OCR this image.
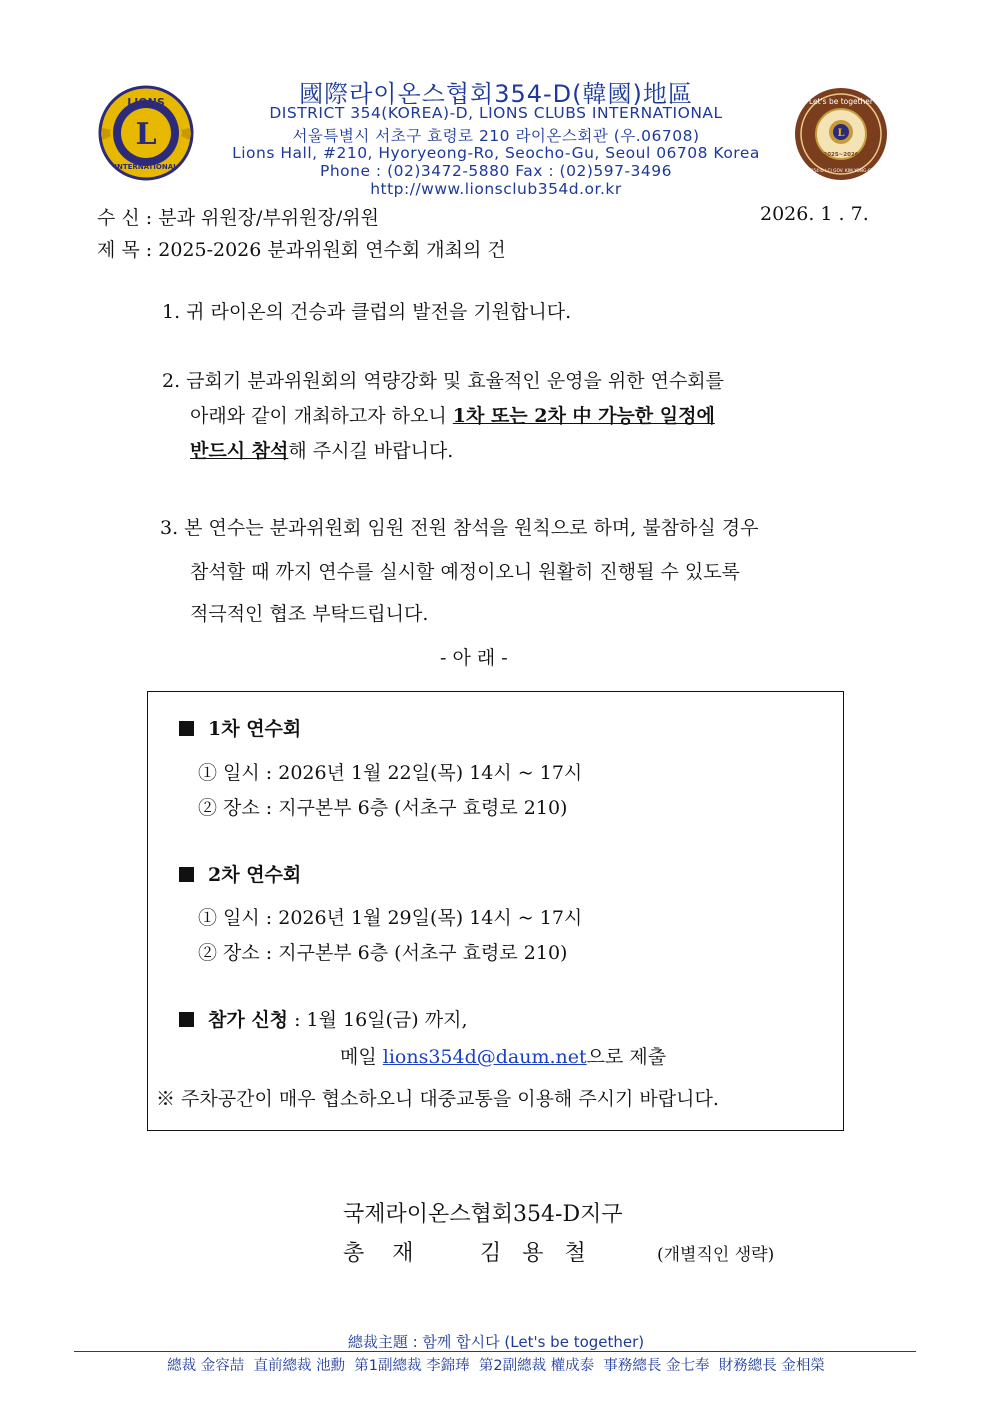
L
LIONS
INTERNATIONAL
國際라이온스협회354-D(韓國)地區
DISTRICT 354(KOREA)-D, LIONS CLUBS INTERNATIONAL
서울특별시 서초구 효령로 210 라이온스회관 (우.06708)
Lions Hall, #210, Hyoryeong-Ro, Seocho-Gu, Seoul 06708 Korea
Phone : (02)3472-5880 Fax : (02)597-3496
http://www.lionsclub354d.or.kr
L
Let's be together
2025~2026
DIST 354-D LCI GOV. KIM YONG-CHEOL
수 신 : 분과 위원장/부위원장/위원	2026. 1 . 7.
제 목 : 2025-2026 분과위원회 연수회 개최의 건
1. 귀 라이온의 건승과 클럽의 발전을 기원합니다.
2. 금회기 분과위원회의 역량강화 및 효율적인 운영을 위한 연수회를
아래와 같이 개최하고자 하오니 1차 또는 2차 中 가능한 일정에
반드시 참석해 주시길 바랍니다.
3. 본 연수는 분과위원회 임원 전원 참석을 원칙으로 하며, 불참하실 경우
참석할 때 까지 연수를 실시할 예정이오니 원활히 진행될 수 있도록
적극적인 협조 부탁드립니다.
- 아 래 -
1차 연수회
① 일시 : 2026년 1월 22일(목) 14시 ~ 17시
② 장소 : 지구본부 6층 (서초구 효령로 210)
2차 연수회
① 일시 : 2026년 1월 29일(목) 14시 ~ 17시
② 장소 : 지구본부 6층 (서초구 효령로 210)
참가 신청 : 1월 16일(금) 까지,
메일 lions354d@daum.net으로 제출
※ 주차공간이 매우 협소하오니 대중교통을 이용해 주시기 바랍니다.
국제라이온스협회354-D지구
총    재	김   용   철	(개별직인 생략)
總裁主題 : 함께 합시다 (Let's be together)
總裁 金容喆  直前總裁 池勳  第1副總裁 李錦琫  第2副總裁 權成泰  事務總長 金七奉  財務總長 金相榮
